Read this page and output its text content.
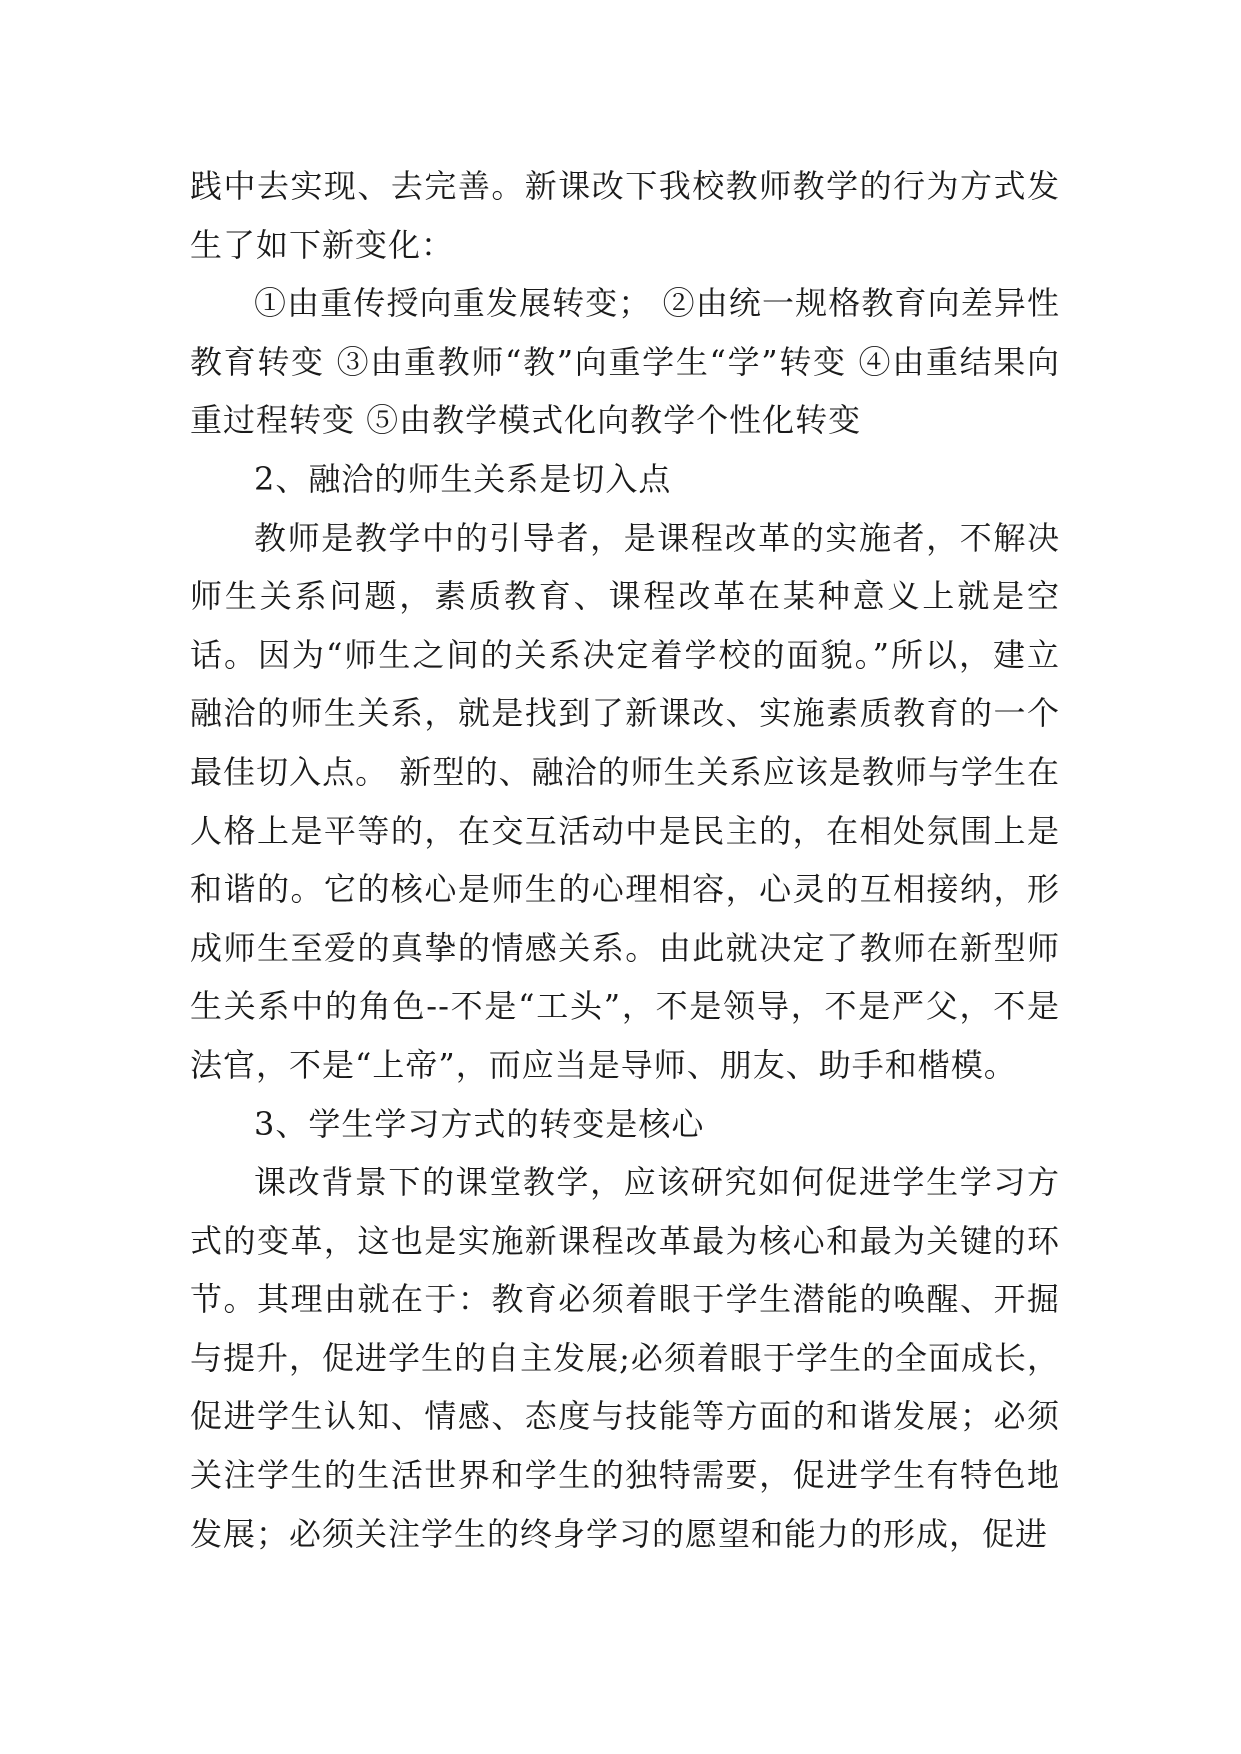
践中去实现、去完善。新课改下我校教师教学的行为方式发生了如下新变化：

①由重传授向重发展转变； ②由统一规格教育向差异性教育转变 ③由重教师“教”向重学生“学”转变 ④由重结果向重过程转变 ⑤由教学模式化向教学个性化转变

2、融洽的师生关系是切入点

教师是教学中的引导者，是课程改革的实施者，不解决师生关系问题，素质教育、课程改革在某种意义上就是空话。因为“师生之间的关系决定着学校的面貌。”所以，建立融洽的师生关系，就是找到了新课改、实施素质教育的一个最佳切入点。 新型的、融洽的师生关系应该是教师与学生在人格上是平等的，在交互活动中是民主的，在相处氛围上是和谐的。它的核心是师生的心理相容，心灵的互相接纳，形成师生至爱的真挚的情感关系。由此就决定了教师在新型师生关系中的角色--不是“工头”，不是领导，不是严父，不是法官，不是“上帝”，而应当是导师、朋友、助手和楷模。

3、学生学习方式的转变是核心

课改背景下的课堂教学，应该研究如何促进学生学习方式的变革，这也是实施新课程改革最为核心和最为关键的环节。其理由就在于：教育必须着眼于学生潜能的唤醒、开掘与提升，促进学生的自主发展;必须着眼于学生的全面成长，促进学生认知、情感、态度与技能等方面的和谐发展；必须关注学生的生活世界和学生的独特需要，促进学生有特色地发展；必须关注学生的终身学习的愿望和能力的形成，促进
